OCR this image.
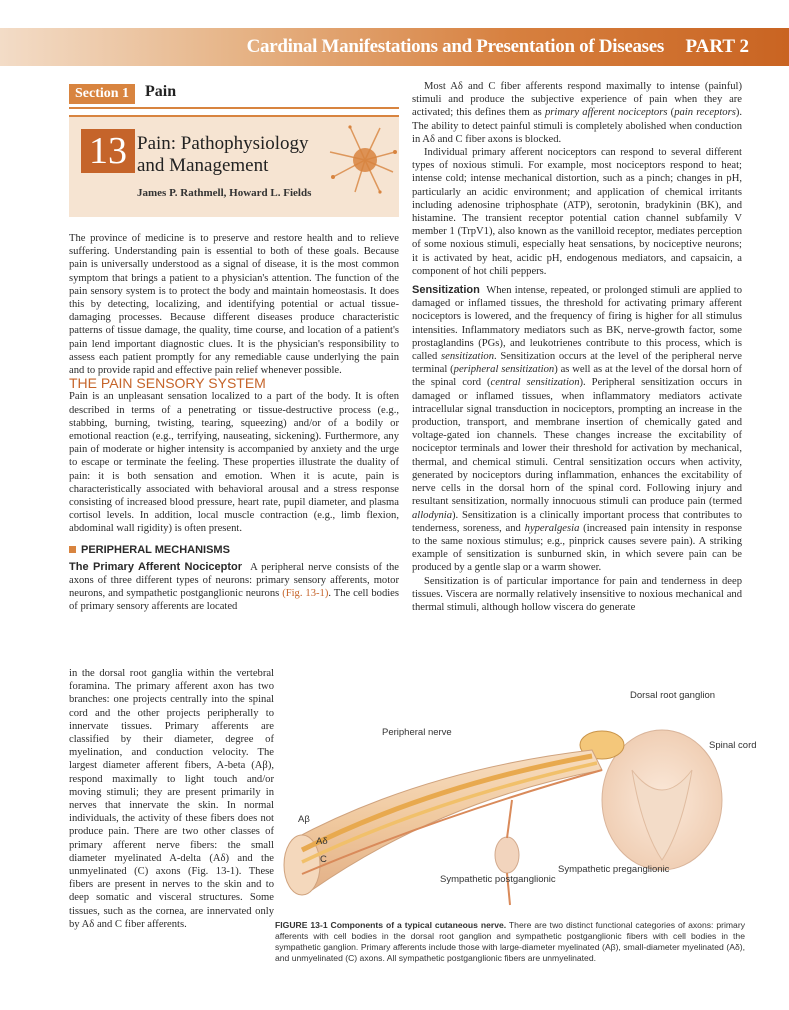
Cardinal Manifestations and Presentation of Diseases PART 2
Section 1 Pain
13 Pain: Pathophysiology and Management
James P. Rathmell, Howard L. Fields

The province of medicine is to preserve and restore health and to relieve suffering. Understanding pain is essential to both of these goals. Because pain is universally understood as a signal of disease, it is the most common symptom that brings a patient to a physician's attention. The function of the pain sensory system is to protect the body and maintain homeostasis. It does this by detecting, localizing, and identifying potential or actual tissue-damaging processes. Because different diseases produce characteristic patterns of tissue damage, the quality, time course, and location of a patient's pain lend important diagnostic clues. It is the physician's responsibility to assess each patient promptly for any remediable cause underlying the pain and to provide rapid and effective pain relief whenever possible.

THE PAIN SENSORY SYSTEM

Pain is an unpleasant sensation localized to a part of the body. It is often described in terms of a penetrating or tissue-destructive process (e.g., stabbing, burning, twisting, tearing, squeezing) and/or of a bodily or emotional reaction (e.g., terrifying, nauseating, sickening). Furthermore, any pain of moderate or higher intensity is accompanied by anxiety and the urge to escape or terminate the feeling. These properties illustrate the duality of pain: it is both sensation and emotion. When it is acute, pain is characteristically associated with behavioral arousal and a stress response consisting of increased blood pressure, heart rate, pupil diameter, and plasma cortisol levels. In addition, local muscle contraction (e.g., limb flexion, abdominal wall rigidity) is often present.

PERIPHERAL MECHANISMS

The Primary Afferent Nociceptor A peripheral nerve consists of the axons of three different types of neurons: primary sensory afferents, motor neurons, and sympathetic postganglionic neurons (Fig. 13-1). The cell bodies of primary sensory afferents are located

in the dorsal root ganglia within the vertebral foramina. The primary afferent axon has two branches: one projects centrally into the spinal cord and the other projects peripherally to innervate tissues. Primary afferents are classified by their diameter, degree of myelination, and conduction velocity. The largest diameter afferent fibers, A-beta (Aβ), respond maximally to light touch and/or moving stimuli; they are present primarily in nerves that innervate the skin. In normal individuals, the activity of these fibers does not produce pain. There are two other classes of primary afferent nerve fibers: the small diameter myelinated A-delta (Aδ) and the unmyelinated (C) axons (Fig. 13-1). These fibers are present in nerves to the skin and to deep somatic and visceral structures. Some tissues, such as the cornea, are innervated only by Aδ and C fiber afferents.

Most Aδ and C fiber afferents respond maximally to intense (painful) stimuli and produce the subjective experience of pain when they are activated; this defines them as primary afferent nociceptors (pain receptors). The ability to detect painful stimuli is completely abolished when conduction in Aδ and C fiber axons is blocked.

Individual primary afferent nociceptors can respond to several different types of noxious stimuli. For example, most nociceptors respond to heat; intense cold; intense mechanical distortion, such as a pinch; changes in pH, particularly an acidic environment; and application of chemical irritants including adenosine triphosphate (ATP), serotonin, bradykinin (BK), and histamine. The transient receptor potential cation channel subfamily V member 1 (TrpV1), also known as the vanilloid receptor, mediates perception of some noxious stimuli, especially heat sensations, by nociceptive neurons; it is activated by heat, acidic pH, endogenous mediators, and capsaicin, a component of hot chili peppers.

Sensitization When intense, repeated, or prolonged stimuli are applied to damaged or inflamed tissues, the threshold for activating primary afferent nociceptors is lowered, and the frequency of firing is higher for all stimulus intensities. Inflammatory mediators such as BK, nerve-growth factor, some prostaglandins (PGs), and leukotrienes contribute to this process, which is called sensitization. Sensitization occurs at the level of the peripheral nerve terminal (peripheral sensitization) as well as at the level of the dorsal horn of the spinal cord (central sensitization). Peripheral sensitization occurs in damaged or inflamed tissues, when inflammatory mediators activate intracellular signal transduction in nociceptors, prompting an increase in the production, transport, and membrane insertion of chemically gated and voltage-gated ion channels. These changes increase the excitability of nociceptor terminals and lower their threshold for activation by mechanical, thermal, and chemical stimuli. Central sensitization occurs when activity, generated by nociceptors during inflammation, enhances the excitability of nerve cells in the dorsal horn of the spinal cord. Following injury and resultant sensitization, normally innocuous stimuli can produce pain (termed allodynia). Sensitization is a clinically important process that contributes to tenderness, soreness, and hyperalgesia (increased pain intensity in response to the same noxious stimulus; e.g., pinprick causes severe pain). A striking example of sensitization is sunburned skin, in which severe pain can be produced by a gentle slap or a warm shower.

Sensitization is of particular importance for pain and tenderness in deep tissues. Viscera are normally relatively insensitive to noxious mechanical and thermal stimuli, although hollow viscera do generate

Dorsal root ganglion
Peripheral nerve
Spinal cord
Aβ
Aδ
C
Sympathetic postganglionic
Sympathetic preganglionic
FIGURE 13-1 Components of a typical cutaneous nerve. There are two distinct functional categories of axons: primary afferents with cell bodies in the dorsal root ganglion and sympathetic postganglionic fibers with cell bodies in the sympathetic ganglion. Primary afferents include those with large-diameter myelinated (Aβ), small-diameter myelinated (Aδ), and unmyelinated (C) axons. All sympathetic postganglionic fibers are unmyelinated.
